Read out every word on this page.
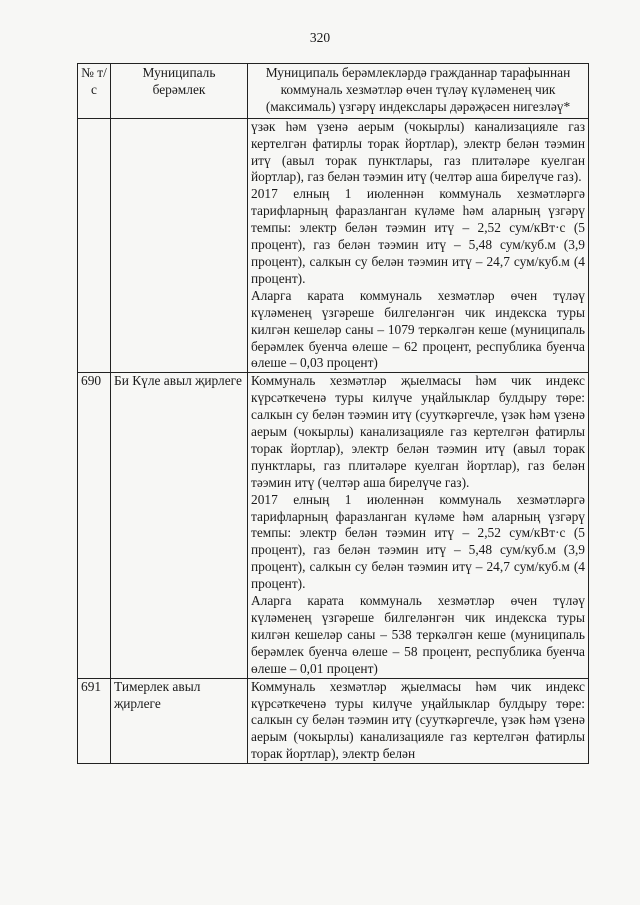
320
№ т/с	Муниципаль берәмлек	Муниципаль берәмлекләрдә гражданнар тарафыннан коммуналь хезмәтләр өчен түләү күләменең чик (максималь) үзгәрү индекслары дәрәҗәсен нигезләү*

		үзәк һәм үзенә аерым (чокырлы) канализацияле газ кертелгән фатирлы торак йортлар), электр белән тәэмин итү (авыл торак пунктлары, газ плитәләре куелган йортлар), газ белән тәэмин итү (челтәр аша бирелүче газ).

2017 елның 1 июленнән коммуналь хезмәтләргә тарифларның фаразланган күләме һәм аларның үзгәрү темпы: электр белән тәэмин итү – 2,52 сум/кВт·с (5 процент), газ белән тәэмин итү – 5,48 сум/куб.м (3,9 процент), салкын су белән тәэмин итү – 24,7 сум/куб.м (4 процент).

Аларга карата коммуналь хезмәтләр өчен түләү күләменең үзгәреше билгеләнгән чик индекска туры килгән кешеләр саны – 1079 теркәлгән кеше (муниципаль берәмлек буенча өлеше – 62 процент, республика буенча өлеше – 0,03 процент)

690	Би Күле авыл җирлеге	Коммуналь хезмәтләр җыелмасы һәм чик индекс күрсәткеченә туры килүче уңайлыклар булдыру төре: салкын су белән тәэмин итү (сууткәргечле, үзәк һәм үзенә аерым (чокырлы) канализацияле газ кертелгән фатирлы торак йортлар), электр белән тәэмин итү (авыл торак пунктлары, газ плитәләре куелган йортлар), газ белән тәэмин итү (челтәр аша бирелүче газ).

2017 елның 1 июленнән коммуналь хезмәтләргә тарифларның фаразланган күләме һәм аларның үзгәрү темпы: электр белән тәэмин итү – 2,52 сум/кВт·с (5 процент), газ белән тәэмин итү – 5,48 сум/куб.м (3,9 процент), салкын су белән тәэмин итү – 24,7 сум/куб.м (4 процент).

Аларга карата коммуналь хезмәтләр өчен түләү күләменең үзгәреше билгеләнгән чик индекска туры килгән кешеләр саны – 538 теркәлгән кеше (муниципаль берәмлек буенча өлеше – 58 процент, республика буенча өлеше – 0,01 процент)

691	Тимерлек авыл җирлеге	Коммуналь хезмәтләр җыелмасы һәм чик индекс күрсәткеченә туры килүче уңайлыклар булдыру төре: салкын су белән тәэмин итү (сууткәргечле, үзәк һәм үзенә аерым (чокырлы) канализацияле газ кертелгән фатирлы торак йортлар), электр белән
